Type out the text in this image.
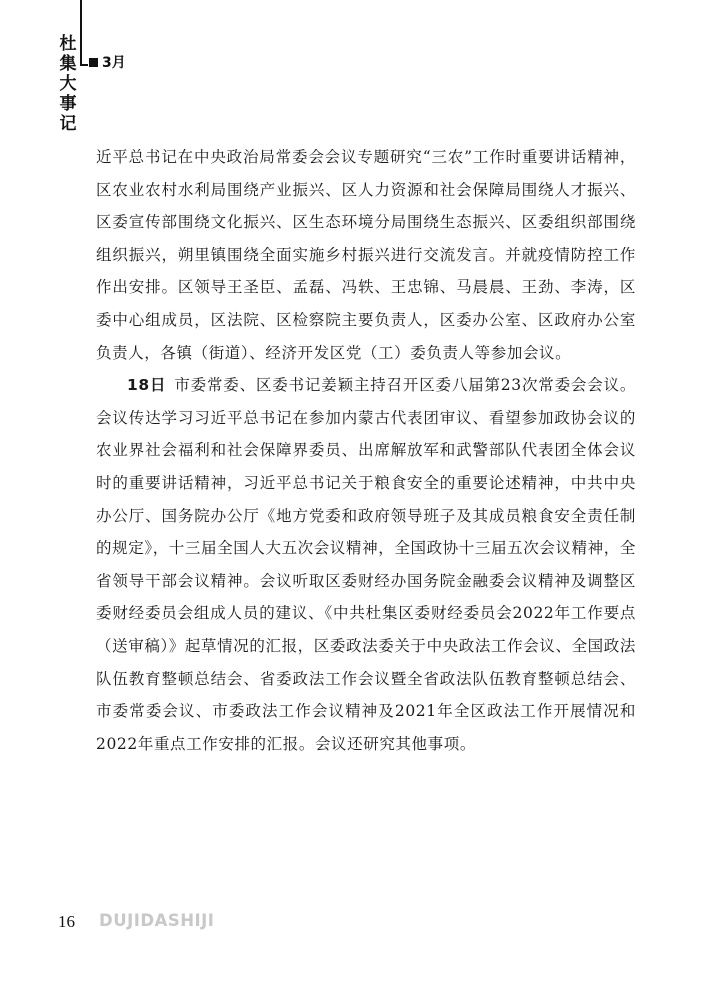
杜集大事记
3月

近平总书记在中央政治局常委会会议专题研究“三农”工作时重要讲话精神，区农业农村水利局围绕产业振兴、区人力资源和社会保障局围绕人才振兴、区委宣传部围绕文化振兴、区生态环境分局围绕生态振兴、区委组织部围绕组织振兴，朔里镇围绕全面实施乡村振兴进行交流发言。并就疫情防控工作作出安排。区领导王圣臣、孟磊、冯轶、王忠锦、马晨晨、王劲、李涛，区委中心组成员，区法院、区检察院主要负责人，区委办公室、区政府办公室负责人，各镇（街道）、经济开发区党（工）委负责人等参加会议。

18日 市委常委、区委书记姜颖主持召开区委八届第23次常委会会议。会议传达学习习近平总书记在参加内蒙古代表团审议、看望参加政协会议的农业界社会福利和社会保障界委员、出席解放军和武警部队代表团全体会议时的重要讲话精神，习近平总书记关于粮食安全的重要论述精神，中共中央办公厅、国务院办公厅《地方党委和政府领导班子及其成员粮食安全责任制的规定》，十三届全国人大五次会议精神，全国政协十三届五次会议精神，全省领导干部会议精神。会议听取区委财经办国务院金融委会议精神及调整区委财经委员会组成人员的建议、《中共杜集区委财经委员会2022年工作要点（送审稿）》起草情况的汇报，区委政法委关于中央政法工作会议、全国政法队伍教育整顿总结会、省委政法工作会议暨全省政法队伍教育整顿总结会、市委常委会议、市委政法工作会议精神及2021年全区政法工作开展情况和2022年重点工作安排的汇报。会议还研究其他事项。

16 DUJIDASHIJI
